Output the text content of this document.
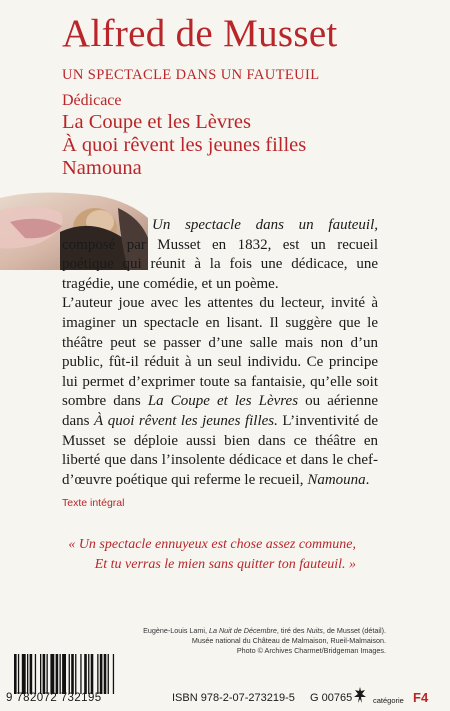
Alfred de Musset
UN SPECTACLE DANS UN FAUTEUIL
Dédicace
La Coupe et les Lèvres
À quoi rêvent les jeunes filles
Namouna

Un spectacle dans un fauteuil, composé par Musset en 1832, est un recueil poétique qui réunit à la fois une dédicace, une tragédie, une comédie, et un poème.

L’auteur joue avec les attentes du lecteur, invité à imaginer un spectacle en lisant. Il suggère que le théâtre peut se passer d’une salle mais non d’un public, fût-il réduit à un seul individu. Ce principe lui permet d’exprimer toute sa fantaisie, qu’elle soit sombre dans La Coupe et les Lèvres ou aérienne dans À quoi rêvent les jeunes filles. L’inventivité de Musset se déploie aussi bien dans ce théâtre en liberté que dans l’insolente dédicace et dans le chef-d’œuvre poétique qui referme le recueil, Namouna.

Texte intégral
« Un spectacle ennuyeux est chose assez commune,
Et tu verras le mien sans quitter ton fauteuil. »
Eugène-Louis Lami, La Nuit de Décembre, tiré des Nuits, de Musset (détail).
Musée national du Château de Malmaison, Rueil-Malmaison.
Photo © Archives Charmet/Bridgeman Images.
9 782072 732195	ISBN 978-2-07-273219-5 G 00765	catégorie F4
